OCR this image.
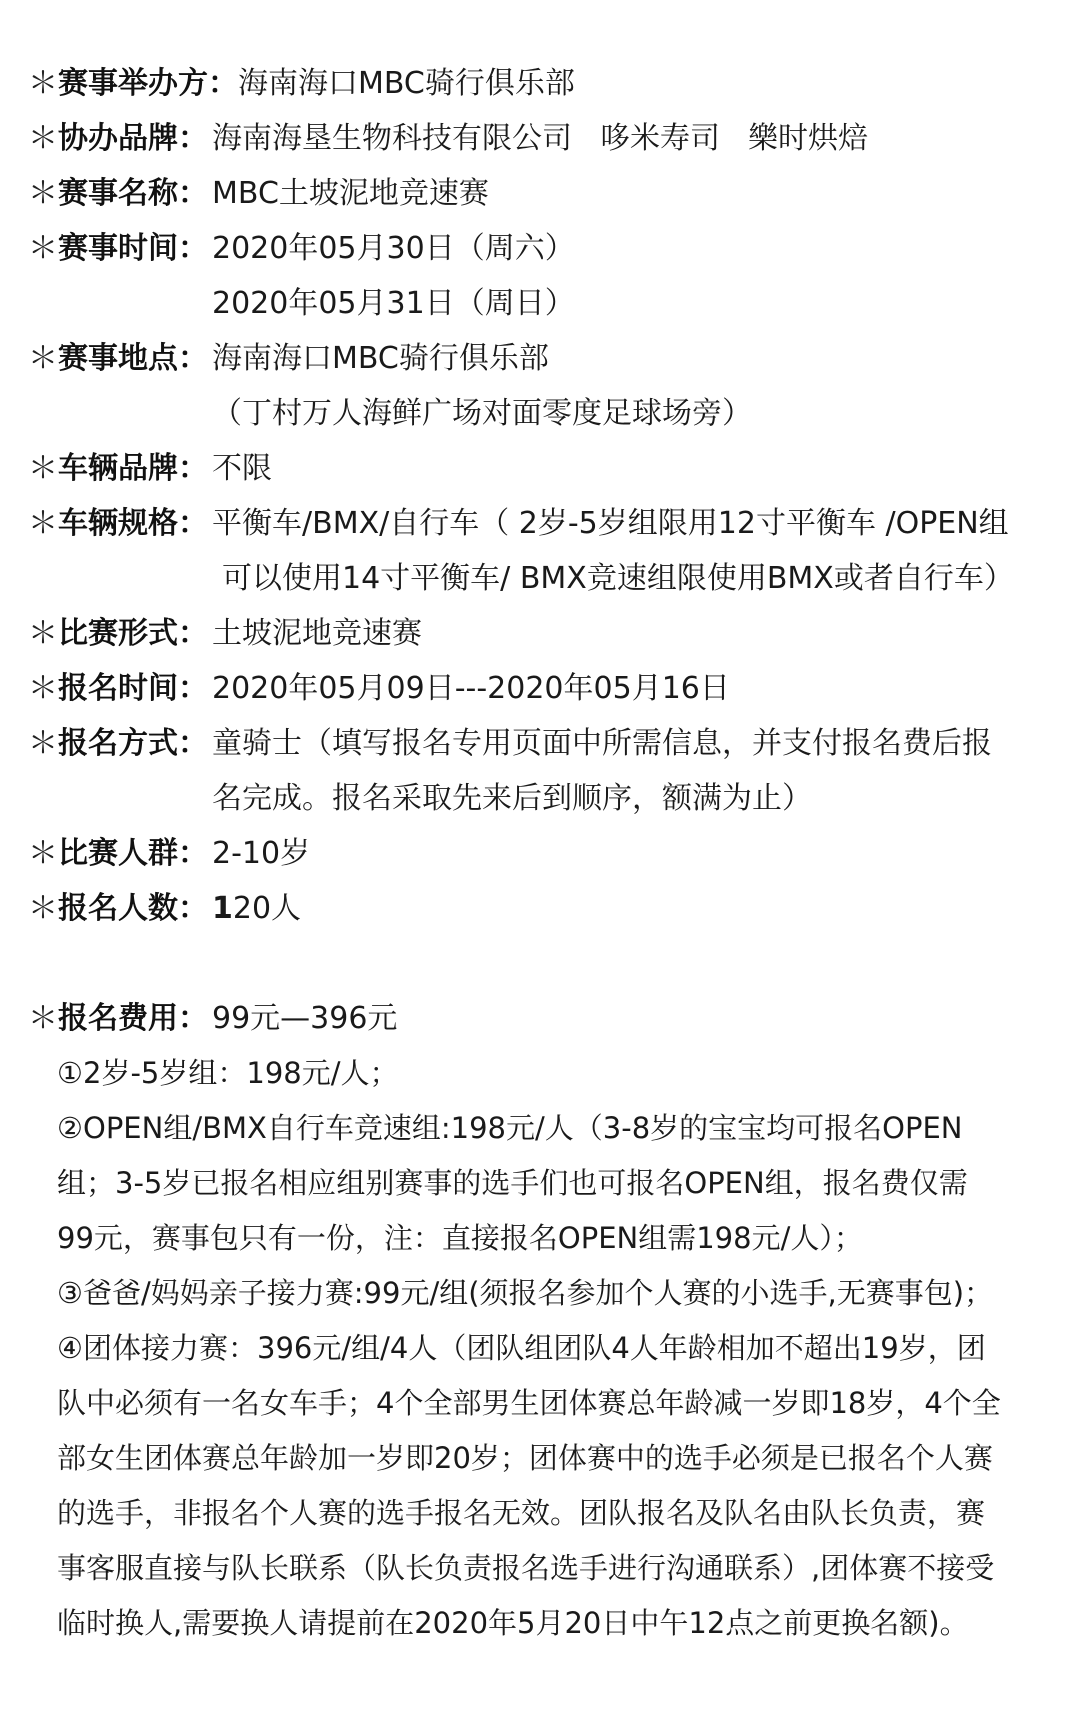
＊ 赛事举办方： 海南海口MBC骑行俱乐部
＊ 协办品牌： 海南海垦生物科技有限公司 哆米寿司 樂时烘焙
＊ 赛事名称： MBC土坡泥地竞速赛
＊ 赛事时间： 2020年05月30日（周六）
2020年05月31日（周日）
＊ 赛事地点： 海南海口MBC骑行俱乐部
（丁村万人海鲜广场对面零度足球场旁）
＊ 车辆品牌： 不限
＊ 车辆规格： 平衡车/BMX/自行车（ 2岁-5岁组限用12寸平衡车 /OPEN组
可以使用14寸平衡车/ BMX竞速组限使用BMX或者自行车）
＊ 比赛形式： 土坡泥地竞速赛
＊ 报名时间： 2020年05月09日---2020年05月16日
＊ 报名方式： 童骑士（填写报名专用页面中所需信息，并支付报名费后报
名完成。报名采取先来后到顺序，额满为止）
＊ 比赛人群： 2-10岁
＊ 报名人数： 120人
＊ 报名费用： 99元—396元
①2岁-5岁组：198元/人；
②OPEN组/BMX自行车竞速组:198元/人（3-8岁的宝宝均可报名OPEN
组；3-5岁已报名相应组别赛事的选手们也可报名OPEN组，报名费仅需
99元，赛事包只有一份，注：直接报名OPEN组需198元/人）；
③爸爸/妈妈亲子接力赛:99元/组(须报名参加个人赛的小选手,无赛事包)；
④团体接力赛：396元/组/4人（团队组团队4人年龄相加不超出19岁，团
队中必须有一名女车手；4个全部男生团体赛总年龄减一岁即18岁，4个全
部女生团体赛总年龄加一岁即20岁；团体赛中的选手必须是已报名个人赛
的选手，非报名个人赛的选手报名无效。团队报名及队名由队长负责，赛
事客服直接与队长联系（队长负责报名选手进行沟通联系）,团体赛不接受
临时换人,需要换人请提前在2020年5月20日中午12点之前更换名额)。
